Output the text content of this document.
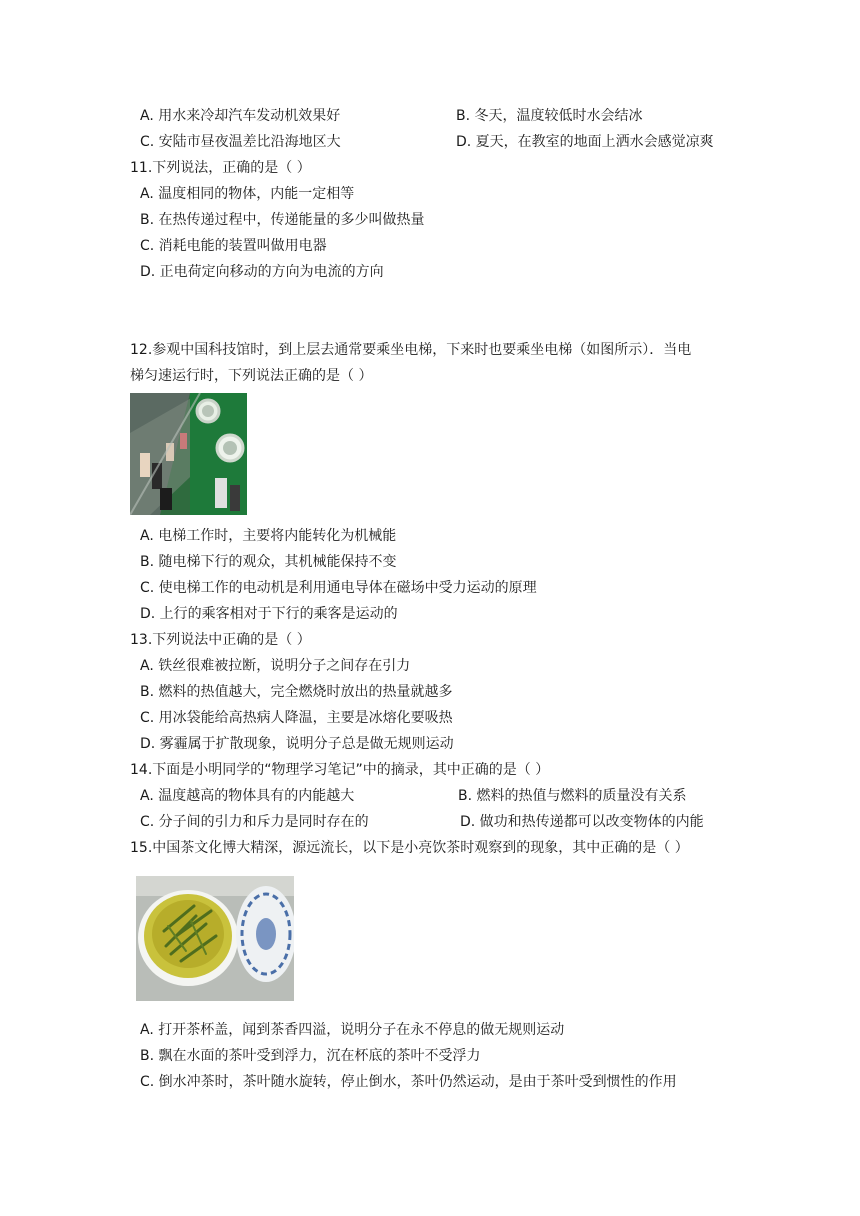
A. 用水来冷却汽车发动机效果好	B. 冬天，温度较低时水会结冰
C. 安陆市昼夜温差比沿海地区大	D. 夏天，在教室的地面上洒水会感觉凉爽
11.下列说法，正确的是（ ）
A. 温度相同的物体，内能一定相等
B. 在热传递过程中，传递能量的多少叫做热量
C. 消耗电能的装置叫做用电器
D. 正电荷定向移动的方向为电流的方向
12.参观中国科技馆时，到上层去通常要乘坐电梯，下来时也要乘坐电梯（如图所示）．当电
梯匀速运行时，下列说法正确的是（ ）
A. 电梯工作时，主要将内能转化为机械能
B. 随电梯下行的观众，其机械能保持不变
C. 使电梯工作的电动机是利用通电导体在磁场中受力运动的原理
D. 上行的乘客相对于下行的乘客是运动的
13.下列说法中正确的是（ ）
A. 铁丝很难被拉断，说明分子之间存在引力
B. 燃料的热值越大，完全燃烧时放出的热量就越多
C. 用冰袋能给高热病人降温，主要是冰熔化要吸热
D. 雾霾属于扩散现象，说明分子总是做无规则运动
14.下面是小明同学的“物理学习笔记”中的摘录，其中正确的是（ ）
A. 温度越高的物体具有的内能越大	B. 燃料的热值与燃料的质量没有关系
C. 分子间的引力和斥力是同时存在的	D. 做功和热传递都可以改变物体的内能
15.中国茶文化博大精深，源远流长，以下是小亮饮茶时观察到的现象，其中正确的是（ ）
A. 打开茶杯盖，闻到茶香四溢，说明分子在永不停息的做无规则运动
B. 飘在水面的茶叶受到浮力，沉在杯底的茶叶不受浮力
C. 倒水冲茶时，茶叶随水旋转，停止倒水，茶叶仍然运动，是由于茶叶受到惯性的作用
